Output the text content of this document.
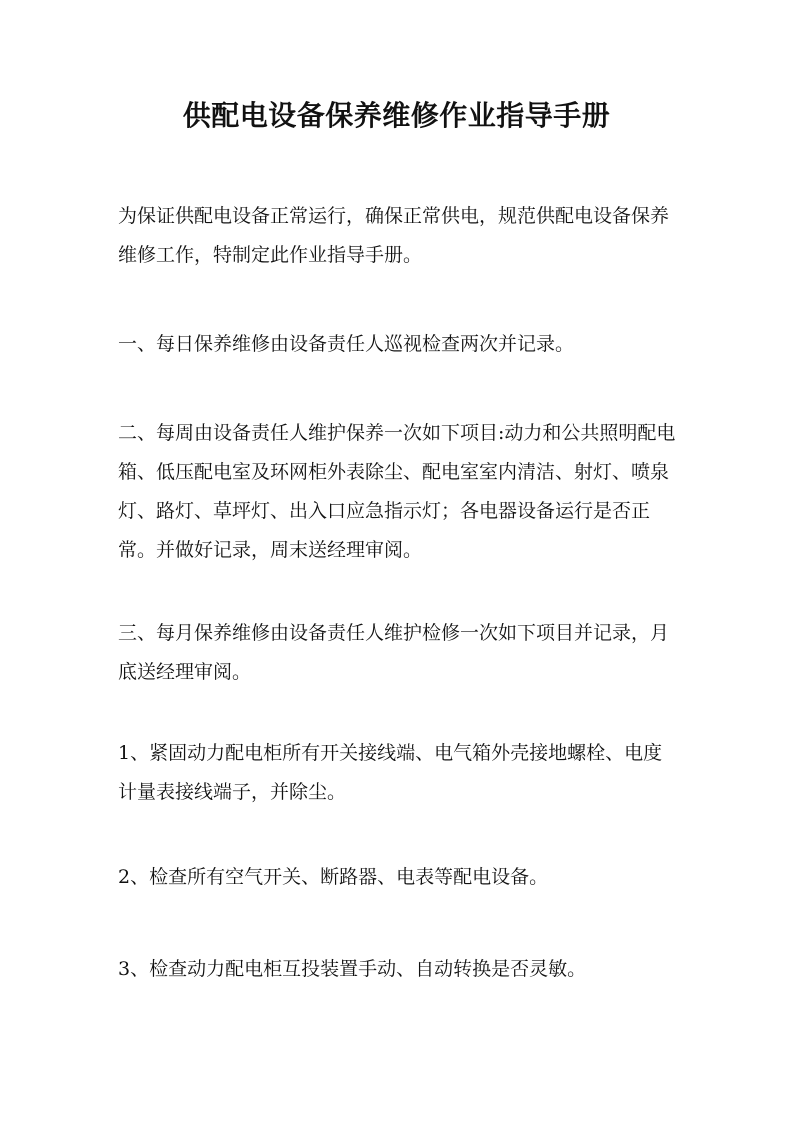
供配电设备保养维修作业指导手册
为保证供配电设备正常运行，确保正常供电，规范供配电设备保养维修工作，特制定此作业指导手册。
一、每日保养维修由设备责任人巡视检查两次并记录。
二、每周由设备责任人维护保养一次如下项目:动力和公共照明配电箱、低压配电室及环网柜外表除尘、配电室室内清洁、射灯、喷泉灯、路灯、草坪灯、出入口应急指示灯；各电器设备运行是否正常。并做好记录，周末送经理审阅。
三、每月保养维修由设备责任人维护检修一次如下项目并记录，月底送经理审阅。
1、紧固动力配电柜所有开关接线端、电气箱外壳接地螺栓、电度计量表接线端子，并除尘。
2、检查所有空气开关、断路器、电表等配电设备。
3、检查动力配电柜互投装置手动、自动转换是否灵敏。
